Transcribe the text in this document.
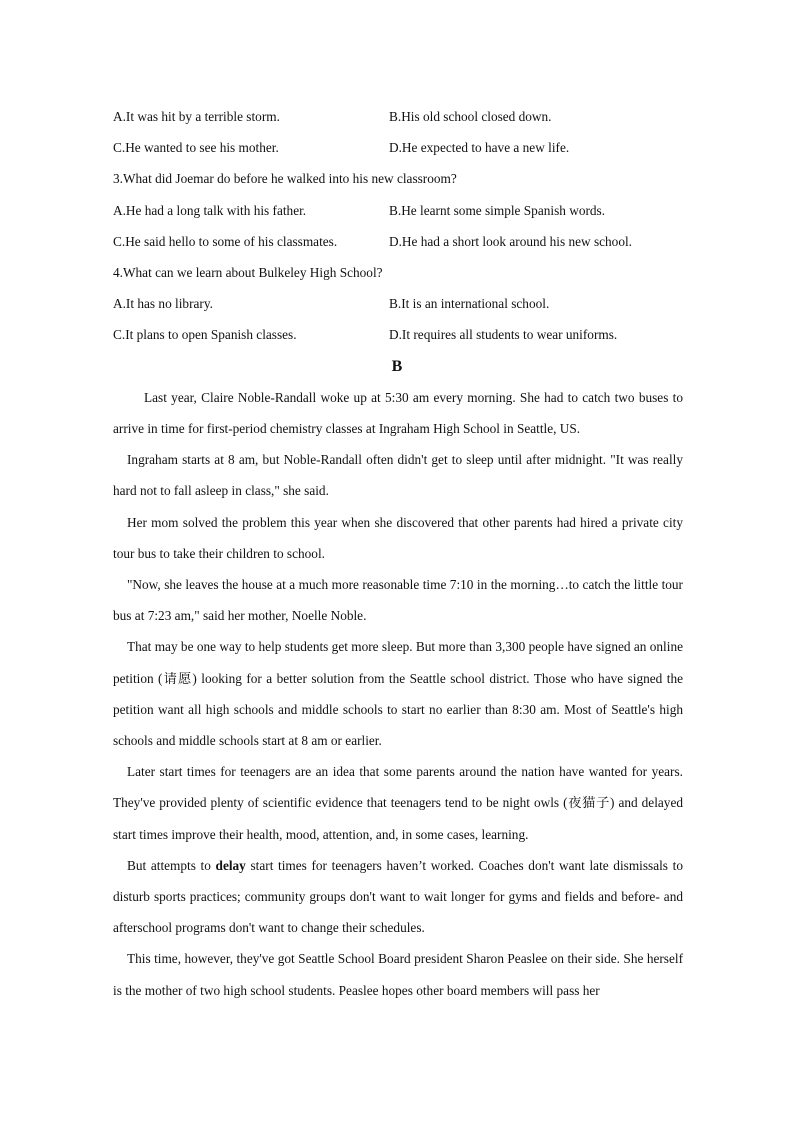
A.It was hit by a terrible storm.	B.His old school closed down.
C.He wanted to see his mother.	D.He expected to have a new life.
3.What did Joemar do before he walked into his new classroom?
A.He had a long talk with his father.	B.He learnt some simple Spanish words.
C.He said hello to some of his classmates.	D.He had a short look around his new school.
4.What can we learn about Bulkeley High School?
A.It has no library.	B.It is an international school.
C.It plans to open Spanish classes.	D.It requires all students to wear uniforms.
B

Last year, Claire Noble-Randall woke up at 5:30 am every morning. She had to catch two buses to arrive in time for first-period chemistry classes at Ingraham High School in Seattle, US.

Ingraham starts at 8 am, but Noble-Randall often didn't get to sleep until after midnight. "It was really hard not to fall asleep in class," she said.

Her mom solved the problem this year when she discovered that other parents had hired a private city tour bus to take their children to school.

"Now, she leaves the house at a much more reasonable time 7:10 in the morning…to catch the little tour bus at 7:23 am," said her mother, Noelle Noble.

That may be one way to help students get more sleep. But more than 3,300 people have signed an online petition (请愿) looking for a better solution from the Seattle school district. Those who have signed the petition want all high schools and middle schools to start no earlier than 8:30 am. Most of Seattle's high schools and middle schools start at 8 am or earlier.

Later start times for teenagers are an idea that some parents around the nation have wanted for years. They've provided plenty of scientific evidence that teenagers tend to be night owls (夜猫子) and delayed start times improve their health, mood, attention, and, in some cases, learning.

But attempts to delay start times for teenagers haven’t worked. Coaches don't want late dismissals to disturb sports practices; community groups don't want to wait longer for gyms and fields and before- and afterschool programs don't want to change their schedules.

This time, however, they've got Seattle School Board president Sharon Peaslee on their side. She herself is the mother of two high school students. Peaslee hopes other board members will pass her
